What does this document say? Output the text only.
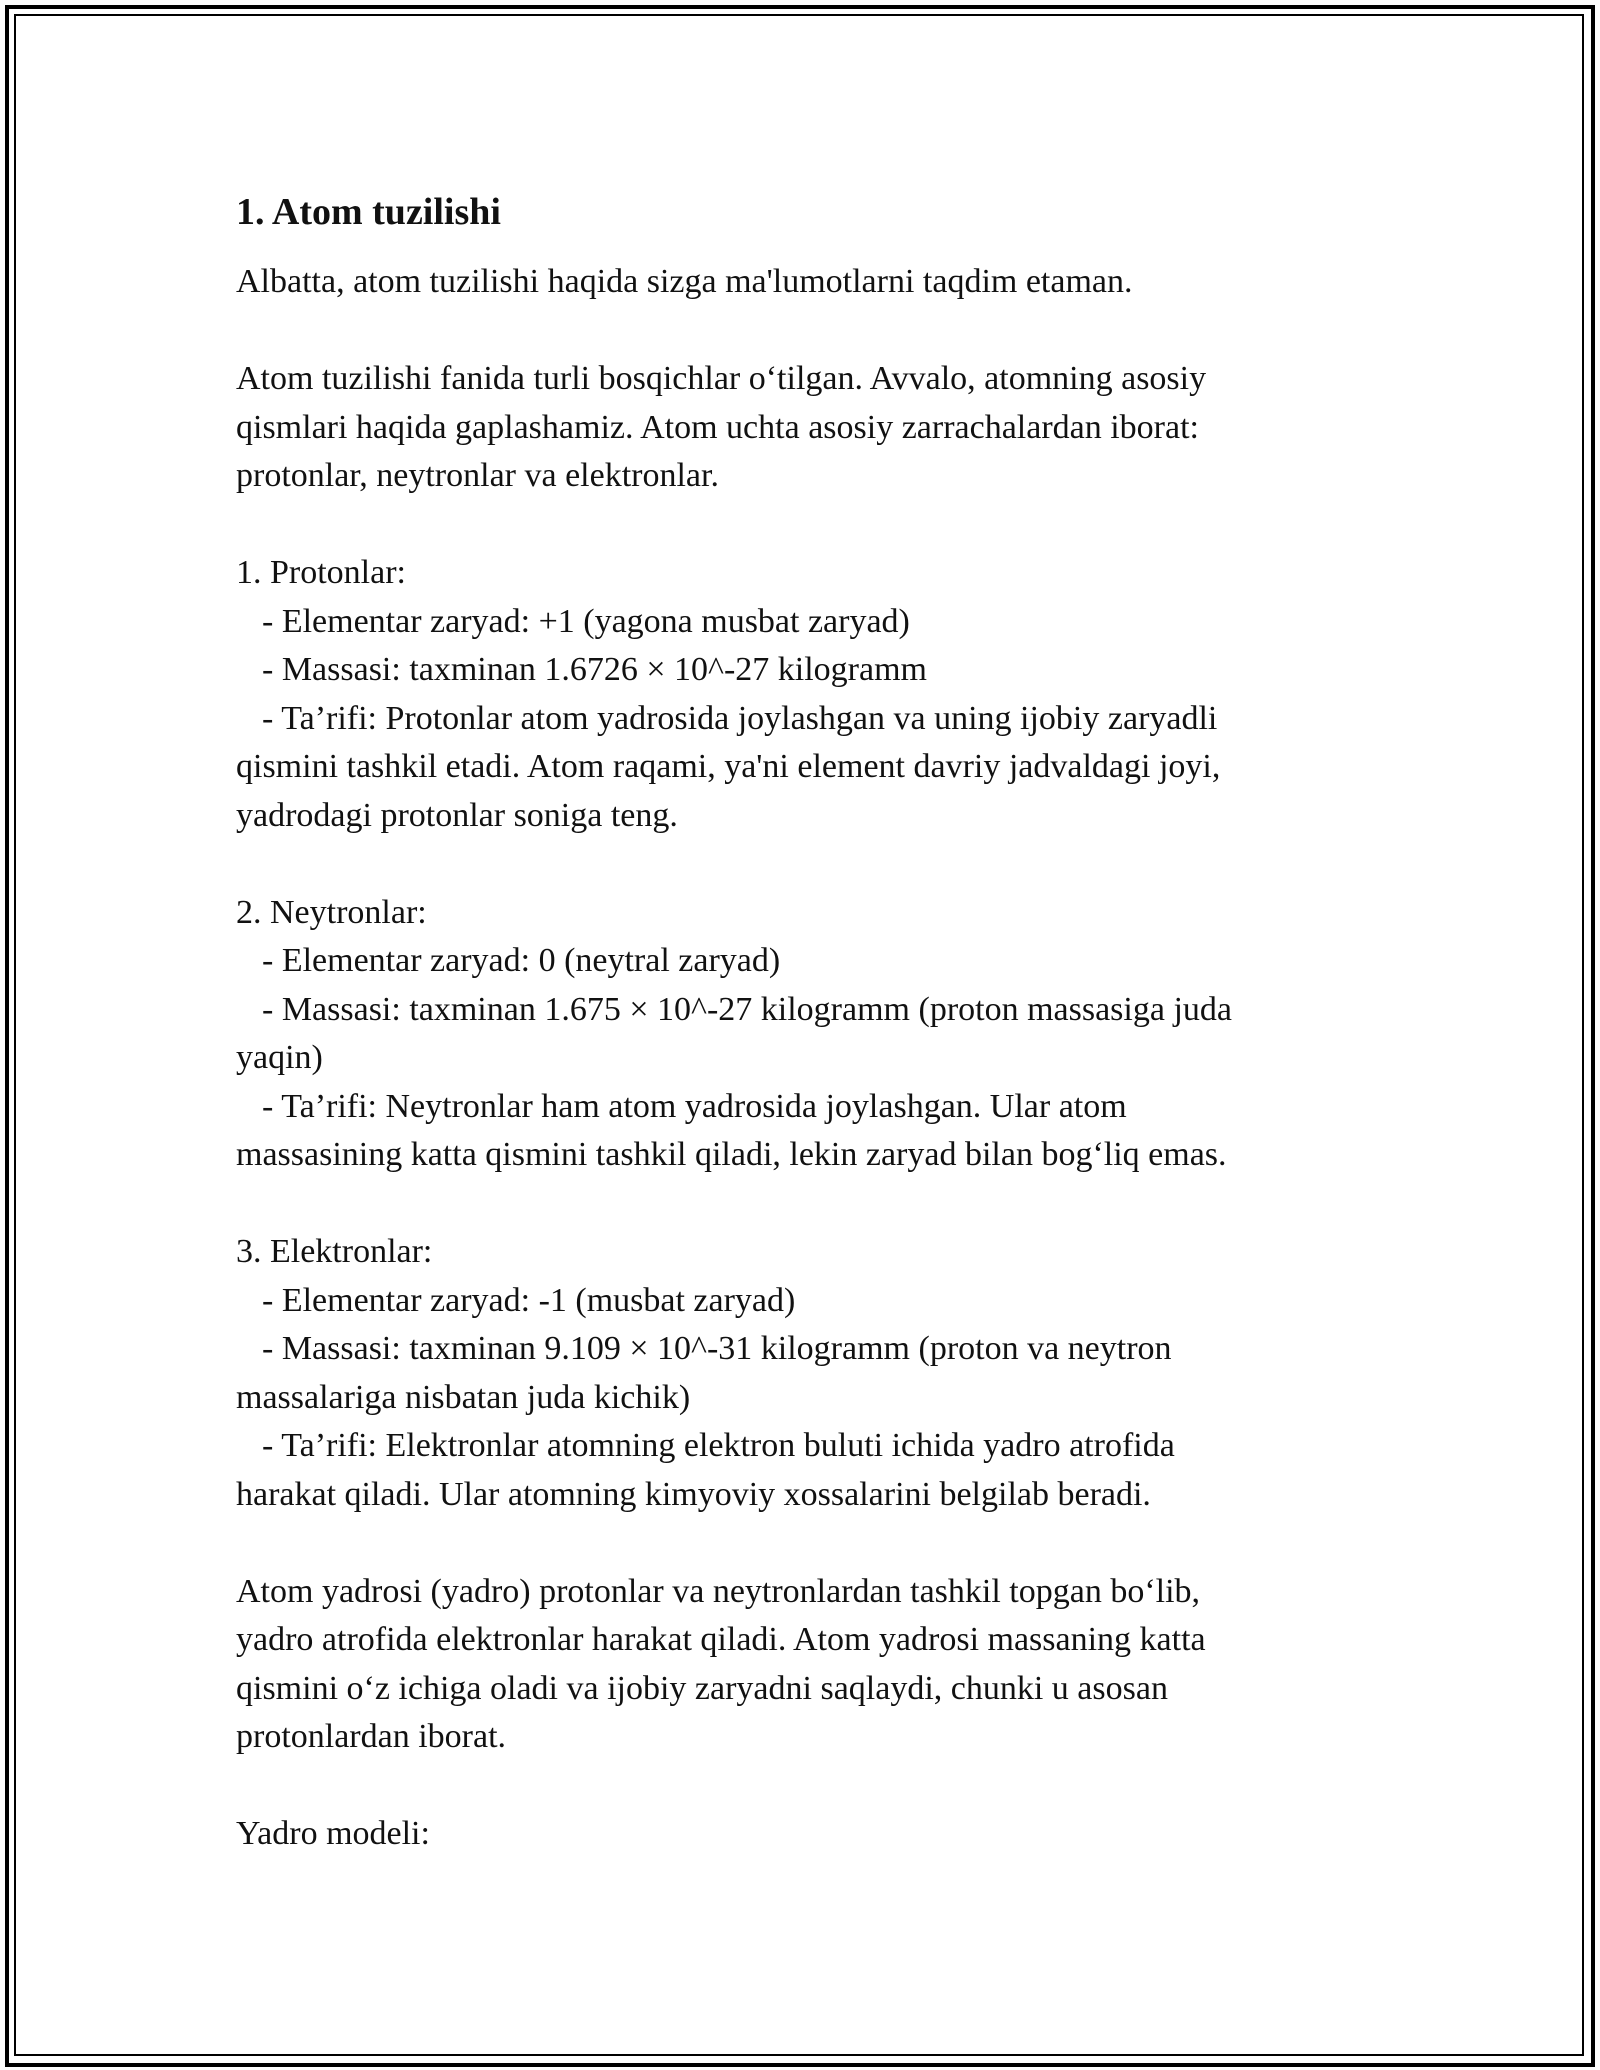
1. Atom tuzilishi
Albatta, atom tuzilishi haqida sizga ma'lumotlarni taqdim etaman.
Atom tuzilishi fanida turli bosqichlar o‘tilgan. Avvalo, atomning asosiy
qismlari haqida gaplashamiz. Atom uchta asosiy zarrachalardan iborat:
protonlar, neytronlar va elektronlar.
1. Protonlar:
- Elementar zaryad: +1 (yagona musbat zaryad)
- Massasi: taxminan 1.6726 × 10^-27 kilogramm
- Ta’rifi: Protonlar atom yadrosida joylashgan va uning ijobiy zaryadli
qismini tashkil etadi. Atom raqami, ya'ni element davriy jadvaldagi joyi,
yadrodagi protonlar soniga teng.
2. Neytronlar:
- Elementar zaryad: 0 (neytral zaryad)
- Massasi: taxminan 1.675 × 10^-27 kilogramm (proton massasiga juda
yaqin)
- Ta’rifi: Neytronlar ham atom yadrosida joylashgan. Ular atom
massasining katta qismini tashkil qiladi, lekin zaryad bilan bog‘liq emas.
3. Elektronlar:
- Elementar zaryad: -1 (musbat zaryad)
- Massasi: taxminan 9.109 × 10^-31 kilogramm (proton va neytron
massalariga nisbatan juda kichik)
- Ta’rifi: Elektronlar atomning elektron buluti ichida yadro atrofida
harakat qiladi. Ular atomning kimyoviy xossalarini belgilab beradi.
Atom yadrosi (yadro) protonlar va neytronlardan tashkil topgan bo‘lib,
yadro atrofida elektronlar harakat qiladi. Atom yadrosi massaning katta
qismini o‘z ichiga oladi va ijobiy zaryadni saqlaydi, chunki u asosan
protonlardan iborat.
Yadro modeli:
